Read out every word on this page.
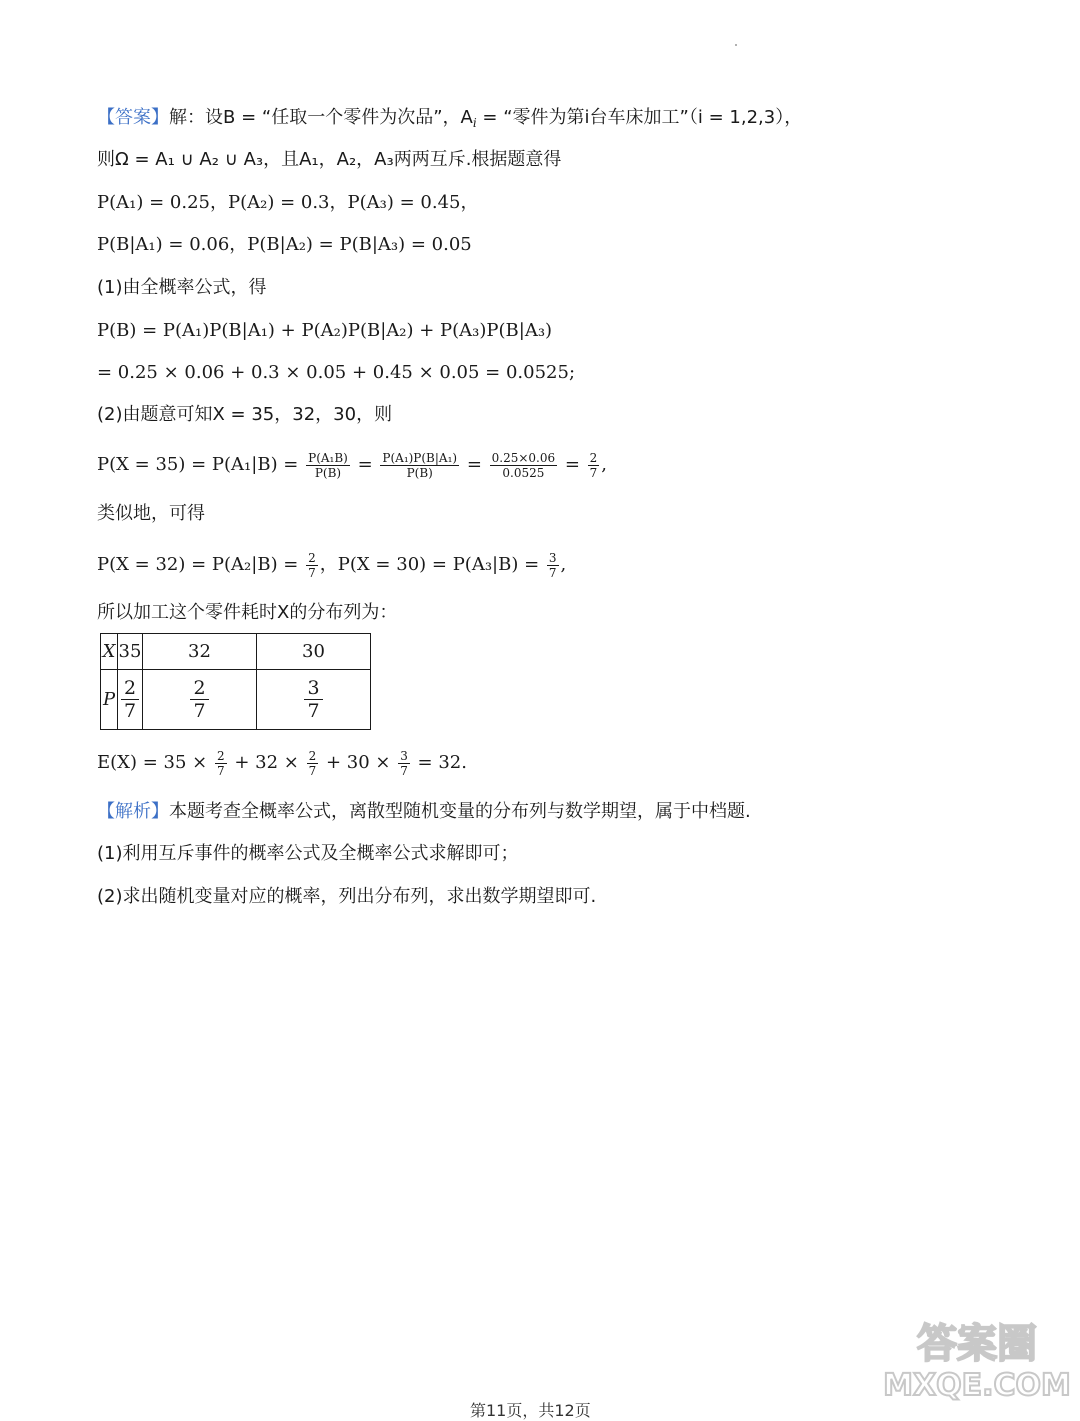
【答案】解：设B = “任取一个零件为次品”，$A_i$ = “零件为第i台车床加工”（i = 1,2,3），
则Ω = A₁ ∪ A₂ ∪ A₃，且A₁，A₂，A₃两两互斥.根据题意得
P(A₁) = 0.25，P(A₂) = 0.3，P(A₃) = 0.45，
P(B|A₁) = 0.06，P(B|A₂) = P(B|A₃) = 0.05
(1)由全概率公式，得
P(B) = P(A₁)P(B|A₁) + P(A₂)P(B|A₂) + P(A₃)P(B|A₃)
= 0.25 × 0.06 + 0.3 × 0.05 + 0.45 × 0.05 = 0.0525;
(2)由题意可知X = 35，32，30，则
$P(X = 35) = P(A_1|B) = \frac{\text{P(A₁B)}}{P(B)} = \frac{\text{P(A₁)P(B|A₁)}}{P(B)} = \frac{0.25\times 0.06}{0.0525} = \frac{2}{7}$ ,
类似地，可得
$P(X = 32) = P(A_2|B) = \frac{2}{7}$ ，$P(X = 30) = P(A_3|B) = \frac{3}{7}$ ,
所以加工这个零件耗时X的分布列为：
X	35	32	30
P	$\frac{2}{7}$	$\frac{2}{7}$	$\frac{3}{7}$
$E(X) = 35 \times \frac{2}{7} + 32 \times \frac{2}{7} + 30 \times \frac{3}{7} = 32$.
【解析】本题考查全概率公式，离散型随机变量的分布列与数学期望，属于中档题.
(1)利用互斥事件的概率公式及全概率公式求解即可；
(2)求出随机变量对应的概率，列出分布列，求出数学期望即可.
答案圈
MXQE.COM
第11页，共12页
